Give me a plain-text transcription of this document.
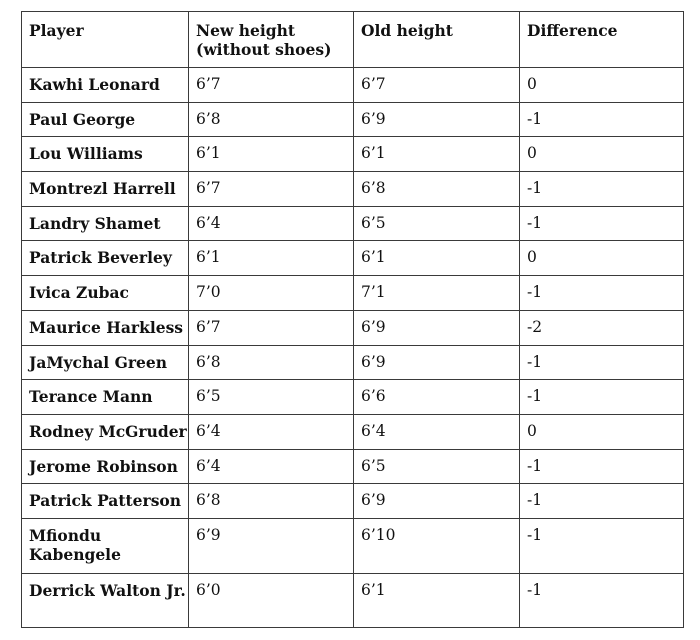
Player	New height (without shoes)	Old height	Difference
Kawhi Leonard	6’7	6’7	0
Paul George	6’8	6’9	-1
Lou Williams	6’1	6’1	0
Montrezl Harrell	6’7	6’8	-1
Landry Shamet	6’4	6’5	-1
Patrick Beverley	6’1	6’1	0
Ivica Zubac	7’0	7’1	-1
Maurice Harkless	6’7	6’9	-2
JaMychal Green	6’8	6’9	-1
Terance Mann	6’5	6’6	-1
Rodney McGruder	6’4	6’4	0
Jerome Robinson	6’4	6’5	-1
Patrick Patterson	6’8	6’9	-1
Mfiondu Kabengele	6’9	6’10	-1
Derrick Walton Jr.	6’0	6’1	-1
